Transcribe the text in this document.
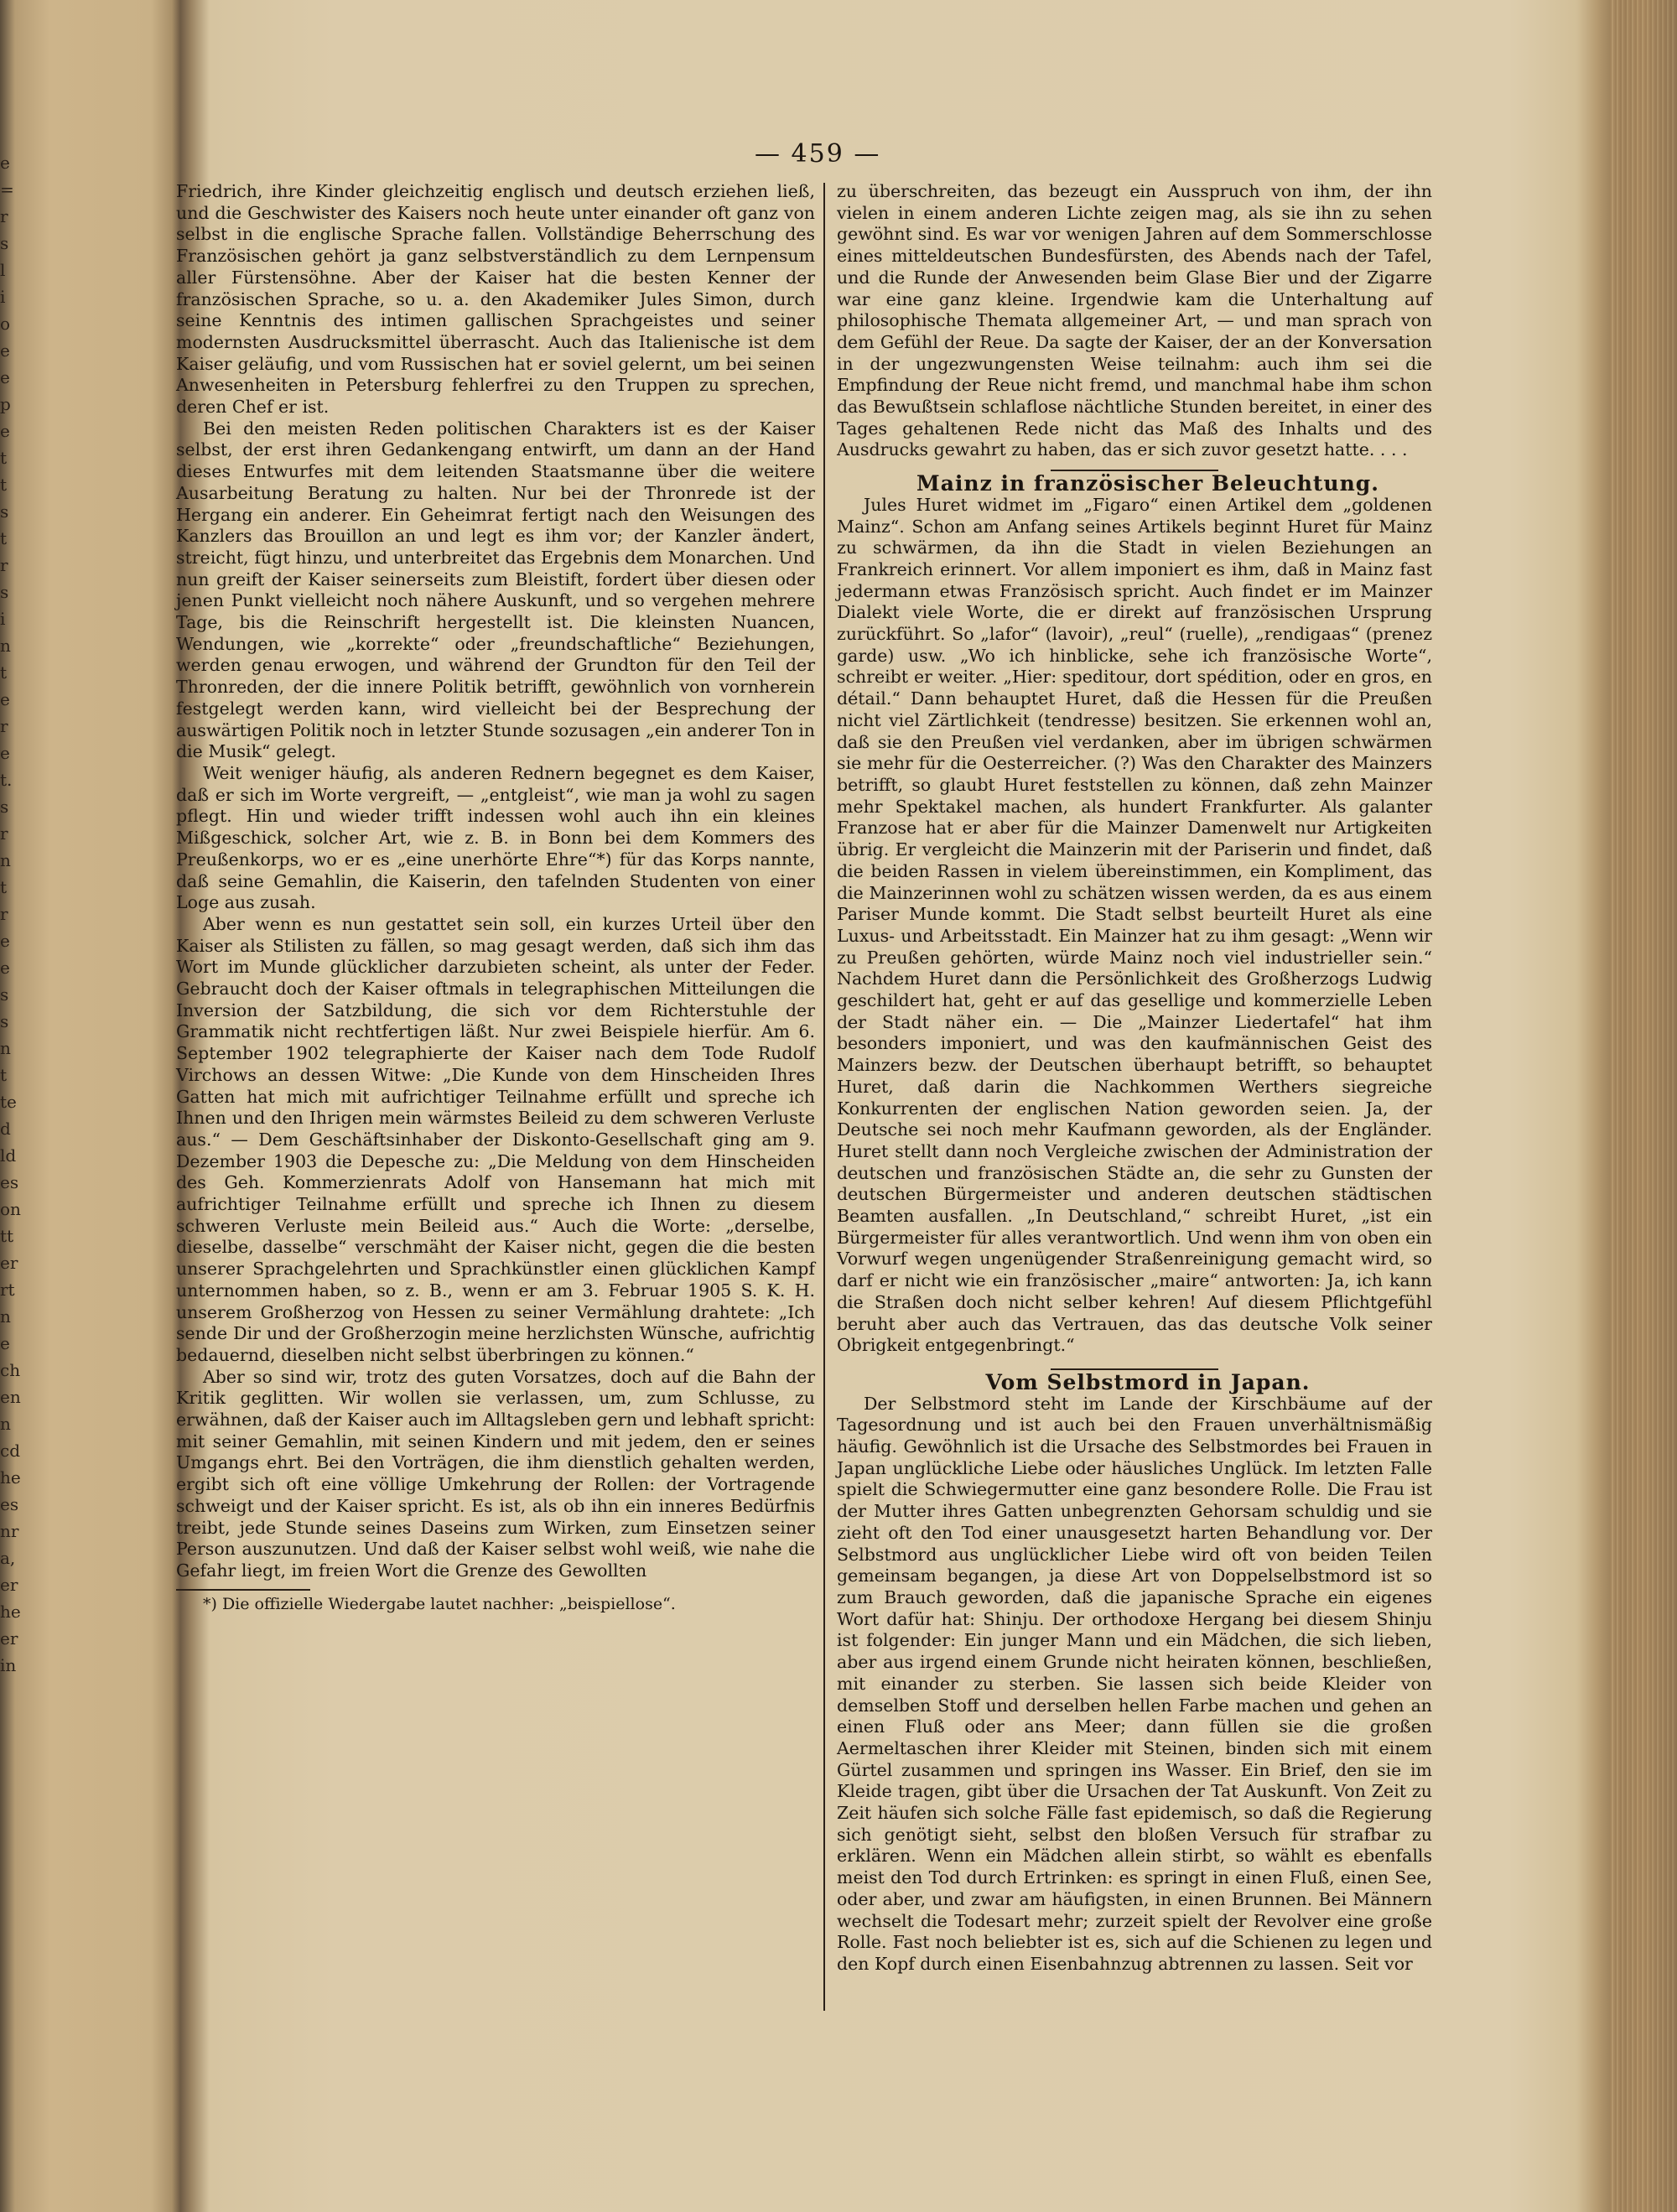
e
=
r
s
l
i
o
e
e
p
e
t
t
s
t
r
s
i
n
t
e
r
e
t.
s
r
n
t
r
e
e
s
s
n
t
te
d
ld
es
on
tt
er
rt
n
e
ch
en
n
cd
he
es
nr
a,
er
he
er
in
— 459 —

Friedrich, ihre Kinder gleichzeitig englisch und deutsch erziehen ließ, und die Geschwister des Kaisers noch heute unter einander oft ganz von selbst in die englische Sprache fallen. Vollständige Beherrschung des Französischen gehört ja ganz selbstverständlich zu dem Lernpensum aller Fürstensöhne. Aber der Kaiser hat die besten Kenner der französischen Sprache, so u. a. den Akademiker Jules Simon, durch seine Kenntnis des intimen gallischen Sprachgeistes und seiner modernsten Ausdrucksmittel überrascht. Auch das Italienische ist dem Kaiser geläufig, und vom Russischen hat er soviel gelernt, um bei seinen Anwesenheiten in Petersburg fehlerfrei zu den Truppen zu sprechen, deren Chef er ist.

Bei den meisten Reden politischen Charakters ist es der Kaiser selbst, der erst ihren Gedankengang entwirft, um dann an der Hand dieses Entwurfes mit dem leitenden Staatsmanne über die weitere Ausarbeitung Beratung zu halten. Nur bei der Thronrede ist der Hergang ein anderer. Ein Geheimrat fertigt nach den Weisungen des Kanzlers das Brouillon an und legt es ihm vor; der Kanzler ändert, streicht, fügt hinzu, und unterbreitet das Ergebnis dem Monarchen. Und nun greift der Kaiser seinerseits zum Bleistift, fordert über diesen oder jenen Punkt vielleicht noch nähere Auskunft, und so vergehen mehrere Tage, bis die Reinschrift hergestellt ist. Die kleinsten Nuancen, Wendungen, wie „korrekte“ oder „freundschaftliche“ Beziehungen, werden genau erwogen, und während der Grundton für den Teil der Thronreden, der die innere Politik betrifft, gewöhnlich von vornherein festgelegt werden kann, wird vielleicht bei der Besprechung der auswärtigen Politik noch in letzter Stunde sozusagen „ein anderer Ton in die Musik“ gelegt.

Weit weniger häufig, als anderen Rednern begegnet es dem Kaiser, daß er sich im Worte vergreift, — „entgleist“, wie man ja wohl zu sagen pflegt. Hin und wieder trifft indessen wohl auch ihn ein kleines Mißgeschick, solcher Art, wie z. B. in Bonn bei dem Kommers des Preußenkorps, wo er es „eine unerhörte Ehre“*) für das Korps nannte, daß seine Gemahlin, die Kaiserin, den tafelnden Studenten von einer Loge aus zusah.

Aber wenn es nun gestattet sein soll, ein kurzes Urteil über den Kaiser als Stilisten zu fällen, so mag gesagt werden, daß sich ihm das Wort im Munde glücklicher darzubieten scheint, als unter der Feder. Gebraucht doch der Kaiser oftmals in telegraphischen Mitteilungen die Inversion der Satzbildung, die sich vor dem Richterstuhle der Grammatik nicht rechtfertigen läßt. Nur zwei Beispiele hierfür. Am 6. September 1902 telegraphierte der Kaiser nach dem Tode Rudolf Virchows an dessen Witwe: „Die Kunde von dem Hinscheiden Ihres Gatten hat mich mit aufrichtiger Teilnahme erfüllt und spreche ich Ihnen und den Ihrigen mein wärmstes Beileid zu dem schweren Verluste aus.“ — Dem Geschäftsinhaber der Diskonto-Gesellschaft ging am 9. Dezember 1903 die Depesche zu: „Die Meldung von dem Hinscheiden des Geh. Kommerzienrats Adolf von Hansemann hat mich mit aufrichtiger Teilnahme erfüllt und spreche ich Ihnen zu diesem schweren Verluste mein Beileid aus.“ Auch die Worte: „derselbe, dieselbe, dasselbe“ verschmäht der Kaiser nicht, gegen die die besten unserer Sprachgelehrten und Sprachkünstler einen glücklichen Kampf unternommen haben, so z. B., wenn er am 3. Februar 1905 S. K. H. unserem Großherzog von Hessen zu seiner Vermählung drahtete: „Ich sende Dir und der Großherzogin meine herzlichsten Wünsche, aufrichtig bedauernd, dieselben nicht selbst überbringen zu können.“

Aber so sind wir, trotz des guten Vorsatzes, doch auf die Bahn der Kritik geglitten. Wir wollen sie verlassen, um, zum Schlusse, zu erwähnen, daß der Kaiser auch im Alltagsleben gern und lebhaft spricht: mit seiner Gemahlin, mit seinen Kindern und mit jedem, den er seines Umgangs ehrt. Bei den Vorträgen, die ihm dienstlich gehalten werden, ergibt sich oft eine völlige Umkehrung der Rollen: der Vortragende schweigt und der Kaiser spricht. Es ist, als ob ihn ein inneres Bedürfnis treibt, jede Stunde seines Daseins zum Wirken, zum Einsetzen seiner Person auszunutzen. Und daß der Kaiser selbst wohl weiß, wie nahe die Gefahr liegt, im freien Wort die Grenze des Gewollten

*) Die offizielle Wiedergabe lautet nachher: „beispiellose“.

zu überschreiten, das bezeugt ein Ausspruch von ihm, der ihn vielen in einem anderen Lichte zeigen mag, als sie ihn zu sehen gewöhnt sind. Es war vor wenigen Jahren auf dem Sommerschlosse eines mitteldeutschen Bundesfürsten, des Abends nach der Tafel, und die Runde der Anwesenden beim Glase Bier und der Zigarre war eine ganz kleine. Irgendwie kam die Unterhaltung auf philosophische Themata allgemeiner Art, — und man sprach von dem Gefühl der Reue. Da sagte der Kaiser, der an der Konversation in der ungezwungensten Weise teilnahm: auch ihm sei die Empfindung der Reue nicht fremd, und manchmal habe ihm schon das Bewußtsein schlaflose nächtliche Stunden bereitet, in einer des Tages gehaltenen Rede nicht das Maß des Inhalts und des Ausdrucks gewahrt zu haben, das er sich zuvor gesetzt hatte. . . .

Mainz in französischer Beleuchtung.

Jules Huret widmet im „Figaro“ einen Artikel dem „goldenen Mainz“. Schon am Anfang seines Artikels beginnt Huret für Mainz zu schwärmen, da ihn die Stadt in vielen Beziehungen an Frankreich erinnert. Vor allem imponiert es ihm, daß in Mainz fast jedermann etwas Französisch spricht. Auch findet er im Mainzer Dialekt viele Worte, die er direkt auf französischen Ursprung zurückführt. So „lafor“ (lavoir), „reul“ (ruelle), „rendigaas“ (prenez garde) usw. „Wo ich hinblicke, sehe ich französische Worte“, schreibt er weiter. „Hier: speditour, dort spédition, oder en gros, en détail.“ Dann behauptet Huret, daß die Hessen für die Preußen nicht viel Zärtlichkeit (tendresse) besitzen. Sie erkennen wohl an, daß sie den Preußen viel verdanken, aber im übrigen schwärmen sie mehr für die Oesterreicher. (?) Was den Charakter des Mainzers betrifft, so glaubt Huret feststellen zu können, daß zehn Mainzer mehr Spektakel machen, als hundert Frankfurter. Als galanter Franzose hat er aber für die Mainzer Damenwelt nur Artigkeiten übrig. Er vergleicht die Mainzerin mit der Pariserin und findet, daß die beiden Rassen in vielem übereinstimmen, ein Kompliment, das die Mainzerinnen wohl zu schätzen wissen werden, da es aus einem Pariser Munde kommt. Die Stadt selbst beurteilt Huret als eine Luxus- und Arbeitsstadt. Ein Mainzer hat zu ihm gesagt: „Wenn wir zu Preußen gehörten, würde Mainz noch viel industrieller sein.“ Nachdem Huret dann die Persönlichkeit des Großherzogs Ludwig geschildert hat, geht er auf das gesellige und kommerzielle Leben der Stadt näher ein. — Die „Mainzer Liedertafel“ hat ihm besonders imponiert, und was den kaufmännischen Geist des Mainzers bezw. der Deutschen überhaupt betrifft, so behauptet Huret, daß darin die Nachkommen Werthers siegreiche Konkurrenten der englischen Nation geworden seien. Ja, der Deutsche sei noch mehr Kaufmann geworden, als der Engländer. Huret stellt dann noch Vergleiche zwischen der Administration der deutschen und französischen Städte an, die sehr zu Gunsten der deutschen Bürgermeister und anderen deutschen städtischen Beamten ausfallen. „In Deutschland,“ schreibt Huret, „ist ein Bürgermeister für alles verantwortlich. Und wenn ihm von oben ein Vorwurf wegen ungenügender Straßenreinigung gemacht wird, so darf er nicht wie ein französischer „maire“ antworten: Ja, ich kann die Straßen doch nicht selber kehren! Auf diesem Pflichtgefühl beruht aber auch das Vertrauen, das das deutsche Volk seiner Obrigkeit entgegenbringt.“

Vom Selbstmord in Japan.

Der Selbstmord steht im Lande der Kirschbäume auf der Tagesordnung und ist auch bei den Frauen unverhältnismäßig häufig. Gewöhnlich ist die Ursache des Selbstmordes bei Frauen in Japan unglückliche Liebe oder häusliches Unglück. Im letzten Falle spielt die Schwiegermutter eine ganz besondere Rolle. Die Frau ist der Mutter ihres Gatten unbegrenzten Gehorsam schuldig und sie zieht oft den Tod einer unausgesetzt harten Behandlung vor. Der Selbstmord aus unglücklicher Liebe wird oft von beiden Teilen gemeinsam begangen, ja diese Art von Doppelselbstmord ist so zum Brauch geworden, daß die japanische Sprache ein eigenes Wort dafür hat: Shinju. Der orthodoxe Hergang bei diesem Shinju ist folgender: Ein junger Mann und ein Mädchen, die sich lieben, aber aus irgend einem Grunde nicht heiraten können, beschließen, mit einander zu sterben. Sie lassen sich beide Kleider von demselben Stoff und derselben hellen Farbe machen und gehen an einen Fluß oder ans Meer; dann füllen sie die großen Aermeltaschen ihrer Kleider mit Steinen, binden sich mit einem Gürtel zusammen und springen ins Wasser. Ein Brief, den sie im Kleide tragen, gibt über die Ursachen der Tat Auskunft. Von Zeit zu Zeit häufen sich solche Fälle fast epidemisch, so daß die Regierung sich genötigt sieht, selbst den bloßen Versuch für strafbar zu erklären. Wenn ein Mädchen allein stirbt, so wählt es ebenfalls meist den Tod durch Ertrinken: es springt in einen Fluß, einen See, oder aber, und zwar am häufigsten, in einen Brunnen. Bei Männern wechselt die Todesart mehr; zurzeit spielt der Revolver eine große Rolle. Fast noch beliebter ist es, sich auf die Schienen zu legen und den Kopf durch einen Eisenbahnzug abtrennen zu lassen. Seit vor
